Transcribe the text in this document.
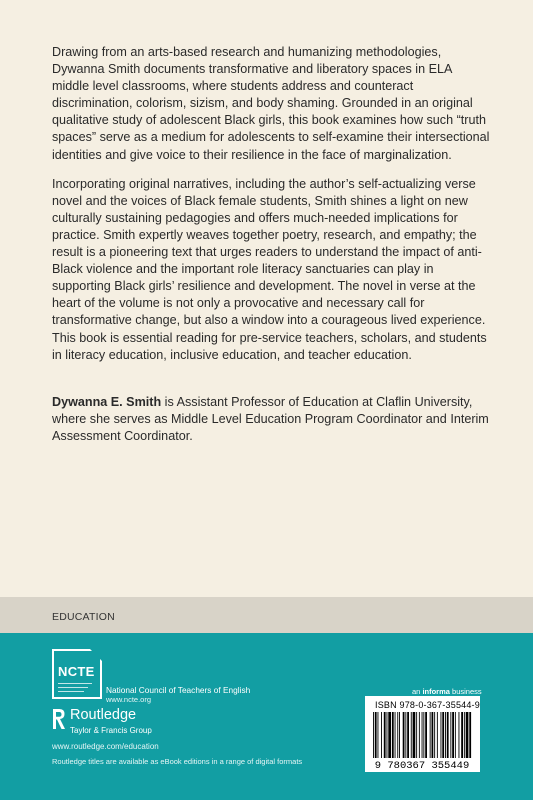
Drawing from an arts-based research and humanizing methodologies, Dywanna Smith documents transformative and liberatory spaces in ELA middle level classrooms, where students address and counteract discrimination, colorism, sizism, and body shaming. Grounded in an original qualitative study of adolescent Black girls, this book examines how such “truth spaces” serve as a medium for adolescents to self-examine their intersectional identities and give voice to their resilience in the face of marginalization.

Incorporating original narratives, including the author’s self-actualizing verse novel and the voices of Black female students, Smith shines a light on new culturally sustaining pedagogies and offers much-needed implications for practice. Smith expertly weaves together poetry, research, and empathy; the result is a pioneering text that urges readers to understand the impact of anti-Black violence and the important role literacy sanctuaries can play in supporting Black girls’ resilience and development. The novel in verse at the heart of the volume is not only a provocative and necessary call for transformative change, but also a window into a courageous lived experience. This book is essential reading for pre-service teachers, scholars, and students in literacy education, inclusive education, and teacher education.

Dywanna E. Smith is Assistant Professor of Education at Claflin University, where she serves as Middle Level Education Program Coordinator and Interim Assessment Coordinator.

EDUCATION
NCTE
National Council of Teachers of English
www.ncte.org
Routledge
Taylor & Francis Group
www.routledge.com/education
Routledge titles are available as eBook editions in a range of digital formats
an informa business
ISBN 978-0-367-35544-9
9 780367 355449
